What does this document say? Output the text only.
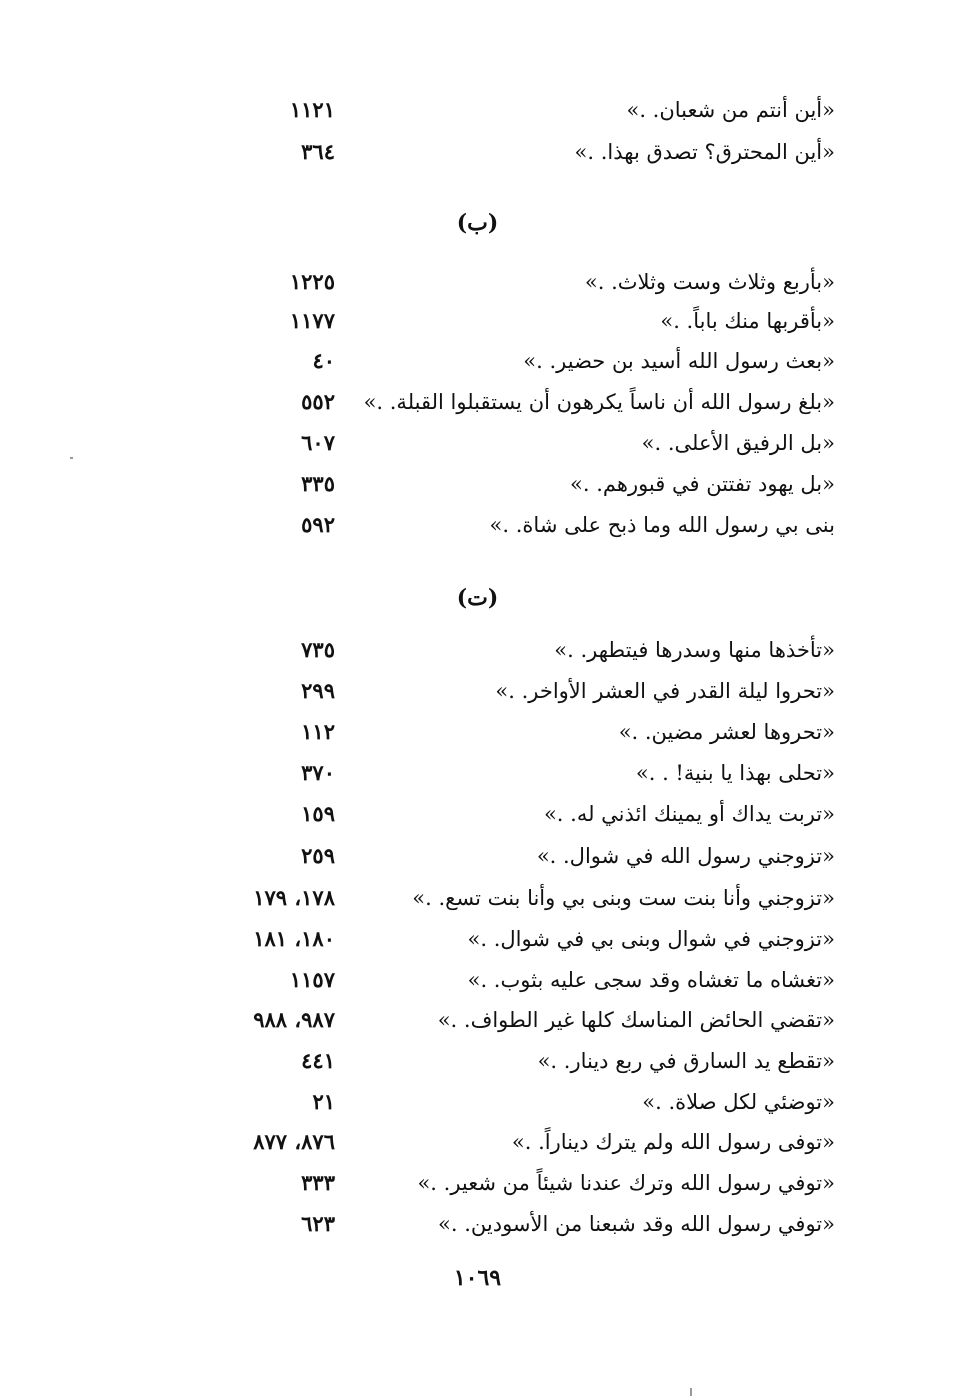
«أين أنتم من شعبان. .»
١١٢١
«أين المحترق؟ تصدق بهذا. .»
٣٦٤
(ب)
«بأربع وثلاث وست وثلاث. .»
١٢٢٥
«بأقربها منك باباً. .»
١١٧٧
«بعث رسول الله أسيد بن حضير. .»
٤٠
«بلغ رسول الله أن ناساً يكرهون أن يستقبلوا القبلة. .»
٥٥٢
«بل الرفيق الأعلى. .»
٦٠٧
«بل يهود تفتتن في قبورهم. .»
٣٣٥
بنى بي رسول الله وما ذبح على شاة. .»
٥٩٢
(ت)
«تأخذها منها وسدرها فيتطهر. .»
٧٣٥
«تحروا ليلة القدر في العشر الأواخر. .»
٢٩٩
«تحروها لعشر مضين. .»
١١٢
«تحلى بهذا يا بنية! . .»
٣٧٠
«تربت يداك أو يمينك ائذني له. .»
١٥٩
«تزوجني رسول الله في شوال. .»
٢٥٩
«تزوجني وأنا بنت ست وبنى بي وأنا بنت تسع. .»
١٧٨، ١٧٩
«تزوجني في شوال وبنى بي في شوال. .»
١٨٠، ١٨١
«تغشاه ما تغشاه وقد سجى عليه بثوب. .»
١١٥٧
«تقضي الحائض المناسك كلها غير الطواف. .»
٩٨٧، ٩٨٨
«تقطع يد السارق في ربع دينار. .»
٤٤١
«توضئي لكل صلاة. .»
٢١
«توفى رسول الله ولم يترك ديناراً. .»
٨٧٦، ٨٧٧
«توفي رسول الله وترك عندنا شيئاً من شعير. .»
٣٣٣
«توفي رسول الله وقد شبعنا من الأسودين. .»
٦٢٣
١٠٦٩
